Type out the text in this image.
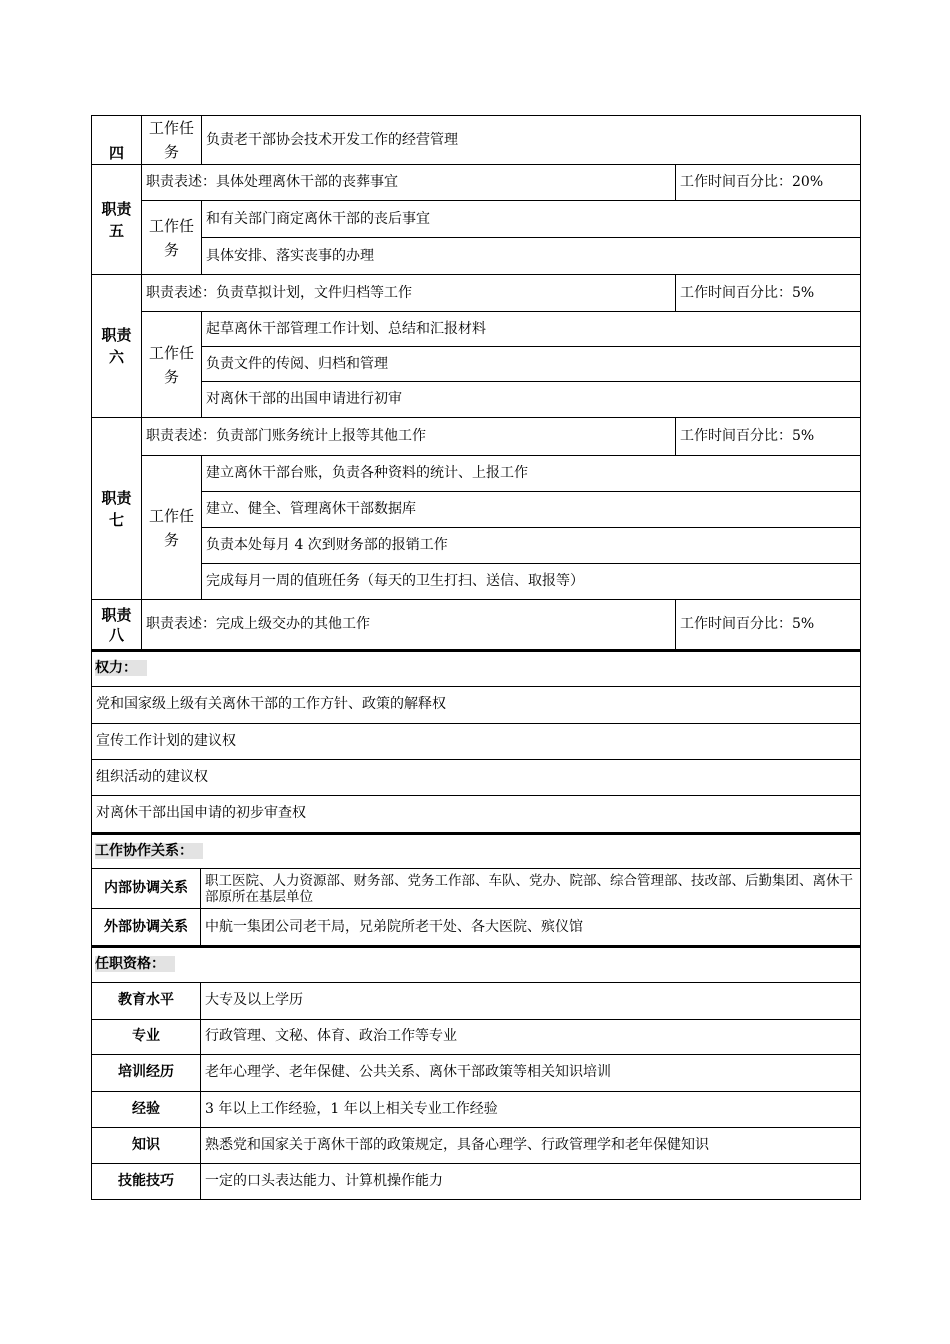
四	工作任务	负责老干部协会技术开发工作的经营管理	
职责五	职责表述：具体处理离休干部的丧葬事宜		工作时间百分比：20%
	工作任务	和有关部门商定离休干部的丧后事宜	
		具体安排、落实丧事的办理	
职责六	职责表述：负责草拟计划，文件归档等工作		工作时间百分比：5%
	工作任务	起草离休干部管理工作计划、总结和汇报材料	
		负责文件的传阅、归档和管理	
		对离休干部的出国申请进行初审	
职责七	职责表述：负责部门账务统计上报等其他工作		工作时间百分比：5%
	工作任务	建立离休干部台账，负责各种资料的统计、上报工作	
		建立、健全、管理离休干部数据库	
		负责本处每月 4 次到财务部的报销工作	
		完成每月一周的值班任务（每天的卫生打扫、送信、取报等）	
职责八	职责表述：完成上级交办的其他工作		工作时间百分比：5%
权力：
党和国家级上级有关离休干部的工作方针、政策的解释权
宣传工作计划的建议权
组织活动的建议权
对离休干部出国申请的初步审查权
工作协作关系：	
内部协调关系	职工医院、人力资源部、财务部、党务工作部、车队、党办、院部、综合管理部、技改部、后勤集团、离休干部原所在基层单位
外部协调关系	中航一集团公司老干局，兄弟院所老干处、各大医院、殡仪馆
任职资格：	
教育水平	大专及以上学历
专业	行政管理、文秘、体育、政治工作等专业
培训经历	老年心理学、老年保健、公共关系、离休干部政策等相关知识培训
经验	3 年以上工作经验，1 年以上相关专业工作经验
知识	熟悉党和国家关于离休干部的政策规定，具备心理学、行政管理学和老年保健知识
技能技巧	一定的口头表达能力、计算机操作能力
